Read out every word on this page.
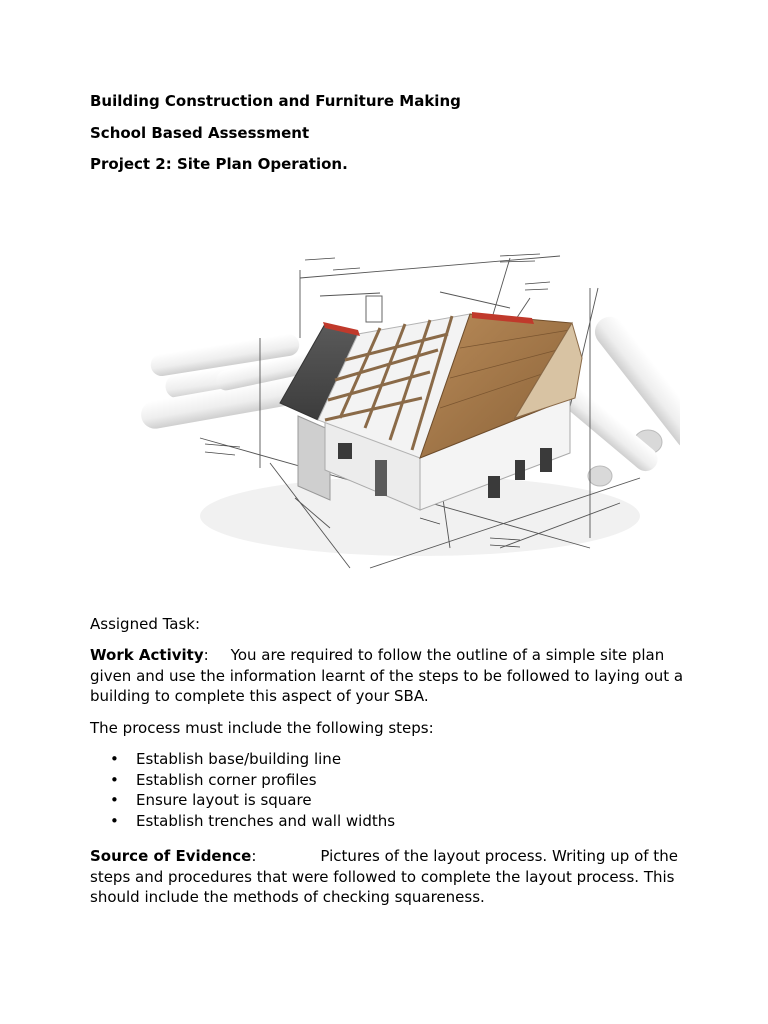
Building Construction and Furniture Making
School Based Assessment
Project 2: Site Plan Operation.
Assigned Task:
Work Activity: You are required to follow the outline of a simple site plan given and use the information learnt of the steps to be followed to laying out a building to complete this aspect of your SBA.
The process must include the following steps:
• Establish base/building line
• Establish corner profiles
• Ensure layout is square
• Establish trenches and wall widths
Source of Evidence:	Pictures of the layout process. Writing up of the steps and procedures that were followed to complete the layout process. This should include the methods of checking squareness.
